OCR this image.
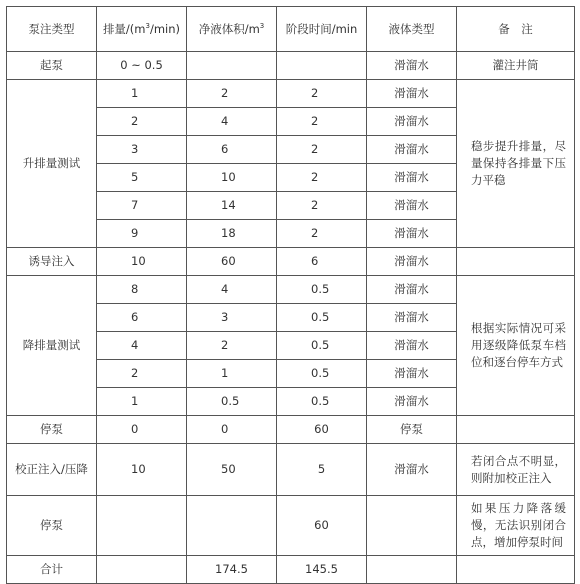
泵注类型	排量$/(m^3/\min)$	净液体积$/m^3$	阶段时间/min	液体类型	备　注
起泵	0 ~ 0.5			滑溜水	灌注井筒
升排量测试	1	2	2	滑溜水	稳步提升排量，尽量保持各排量下压力平稳
	2	4	2	滑溜水	
	3	6	2	滑溜水	
	5	10	2	滑溜水	
	7	14	2	滑溜水	
	9	18	2	滑溜水	
诱导注入	10	60	6	滑溜水	
降排量测试	8	4	0.5	滑溜水	根据实际情况可采用逐级降低泵车档位和逐台停车方式
	6	3	0.5	滑溜水	
	4	2	0.5	滑溜水	
	2	1	0.5	滑溜水	
	1	0.5	0.5	滑溜水	
停泵	0	0	60	停泵	
校正注入/压降	10	50	5	滑溜水	若闭合点不明显，则附加校正注入
停泵			60		如果压力降落缓慢，无法识别闭合点，增加停泵时间
合计		174.5	145.5		
